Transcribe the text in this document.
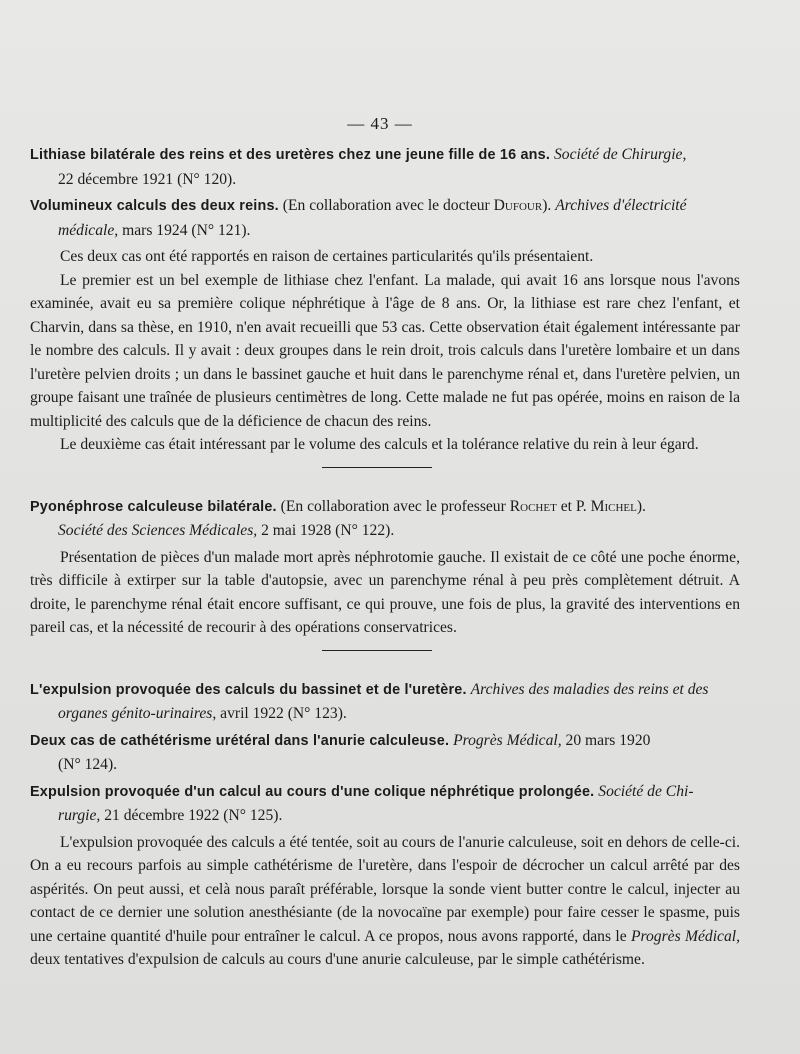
— 43 —
Lithiase bilatérale des reins et des uretères chez une jeune fille de 16 ans. Société de Chirurgie,
22 décembre 1921 (N° 120).
Volumineux calculs des deux reins. (En collaboration avec le docteur Dufour). Archives d'électricité
médicale, mars 1924 (N° 121).

Ces deux cas ont été rapportés en raison de certaines particularités qu'ils présentaient.

Le premier est un bel exemple de lithiase chez l'enfant. La malade, qui avait 16 ans lorsque nous l'avons examinée, avait eu sa première colique néphrétique à l'âge de 8 ans. Or, la lithiase est rare chez l'enfant, et Charvin, dans sa thèse, en 1910, n'en avait recueilli que 53 cas. Cette observation était également intéressante par le nombre des calculs. Il y avait : deux groupes dans le rein droit, trois calculs dans l'uretère lombaire et un dans l'uretère pelvien droits ; un dans le bassinet gauche et huit dans le parenchyme rénal et, dans l'uretère pelvien, un groupe faisant une traînée de plusieurs centimètres de long. Cette malade ne fut pas opérée, moins en raison de la multiplicité des calculs que de la déficience de chacun des reins.

Le deuxième cas était intéressant par le volume des calculs et la tolérance relative du rein à leur égard.

Pyonéphrose calculeuse bilatérale. (En collaboration avec le professeur Rochet et P. Michel).
Société des Sciences Médicales, 2 mai 1928 (N° 122).

Présentation de pièces d'un malade mort après néphrotomie gauche. Il existait de ce côté une poche énorme, très difficile à extirper sur la table d'autopsie, avec un parenchyme rénal à peu près complètement détruit. A droite, le parenchyme rénal était encore suffisant, ce qui prouve, une fois de plus, la gravité des interventions en pareil cas, et la nécessité de recourir à des opérations conservatrices.

L'expulsion provoquée des calculs du bassinet et de l'uretère. Archives des maladies des reins et des
organes génito-urinaires, avril 1922 (N° 123).
Deux cas de cathétérisme urétéral dans l'anurie calculeuse. Progrès Médical, 20 mars 1920
(N° 124).
Expulsion provoquée d'un calcul au cours d'une colique néphrétique prolongée. Société de Chi-
rurgie, 21 décembre 1922 (N° 125).

L'expulsion provoquée des calculs a été tentée, soit au cours de l'anurie calculeuse, soit en dehors de celle-ci. On a eu recours parfois au simple cathétérisme de l'uretère, dans l'espoir de décrocher un calcul arrêté par des aspérités. On peut aussi, et celà nous paraît préférable, lorsque la sonde vient butter contre le calcul, injecter au contact de ce dernier une solution anesthésiante (de la novocaïne par exemple) pour faire cesser le spasme, puis une certaine quantité d'huile pour entraîner le calcul. A ce propos, nous avons rapporté, dans le Progrès Médical, deux tentatives d'expulsion de calculs au cours d'une anurie calculeuse, par le simple cathétérisme.
